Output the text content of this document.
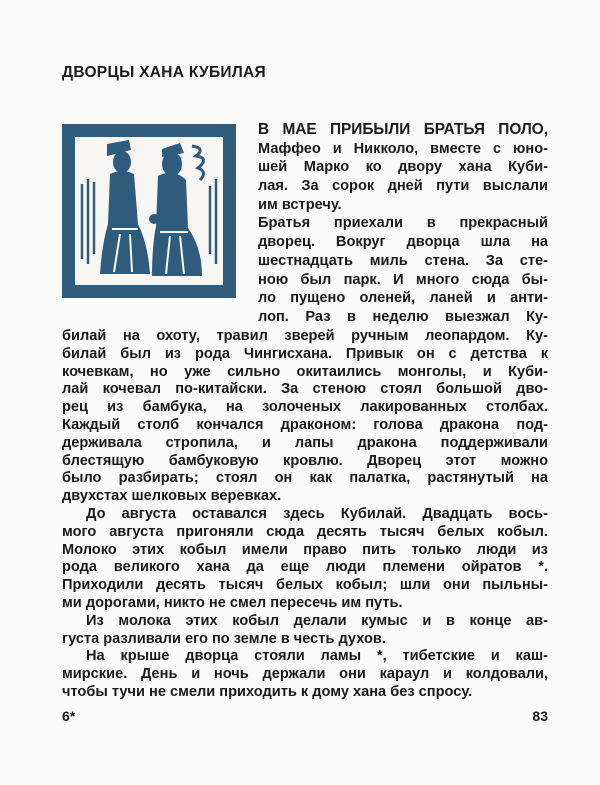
ДВОРЦЫ ХАНА КУБИЛАЯ
В МАЕ ПРИБЫЛИ БРАТЬЯ ПОЛО,
Маффео и Никколо, вместе с юно-
шей Марко ко двору хана Куби-
лая. За сорок дней пути выслали
им встречу.
Братья приехали в прекрасный
дворец. Вокруг дворца шла на
шестнадцать миль стена. За сте-
ною был парк. И много сюда бы-
ло пущено оленей, ланей и анти-
лоп. Раз в неделю выезжал Ку-
билай на охоту, травил зверей ручным леопардом. Ку-
билай был из рода Чингисхана. Привык он с детства к
кочевкам, но уже сильно окитаились монголы, и Куби-
лай кочевал по-китайски. За стеною стоял большой дво-
рец из бамбука, на золоченых лакированных столбах.
Каждый столб кончался драконом: голова дракона под-
держивала стропила, и лапы дракона поддерживали
блестящую бамбуковую кровлю. Дворец этот можно
было разбирать; стоял он как палатка, растянутый на
двухстах шелковых веревках.
До августа оставался здесь Кубилай. Двадцать вось-
мого августа пригоняли сюда десять тысяч белых кобыл.
Молоко этих кобыл имели право пить только люди из
рода великого хана да еще люди племени ойратов *.
Приходили десять тысяч белых кобыл; шли они пыльны-
ми дорогами, никто не смел пересечь им путь.
Из молока этих кобыл делали кумыс и в конце ав-
густа разливали его по земле в честь духов.
На крыше дворца стояли ламы *, тибетские и каш-
мирские. День и ночь держали они караул и колдовали,
чтобы тучи не смели приходить к дому хана без спросу.
6*	83
